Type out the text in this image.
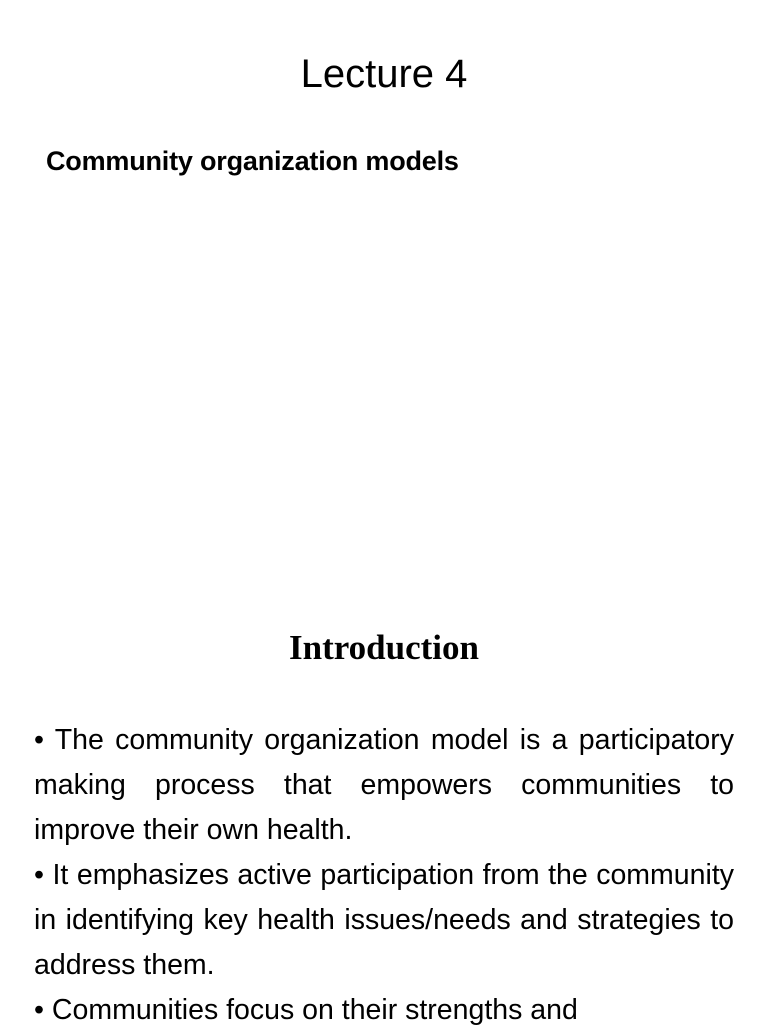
Lecture 4
Community organization models
Introduction
• The community organization model is a participatory making process that empowers communities to improve their own health.
• It emphasizes active participation from the community in identifying key health issues/needs and strategies to address them.
• Communities focus on their strengths and
